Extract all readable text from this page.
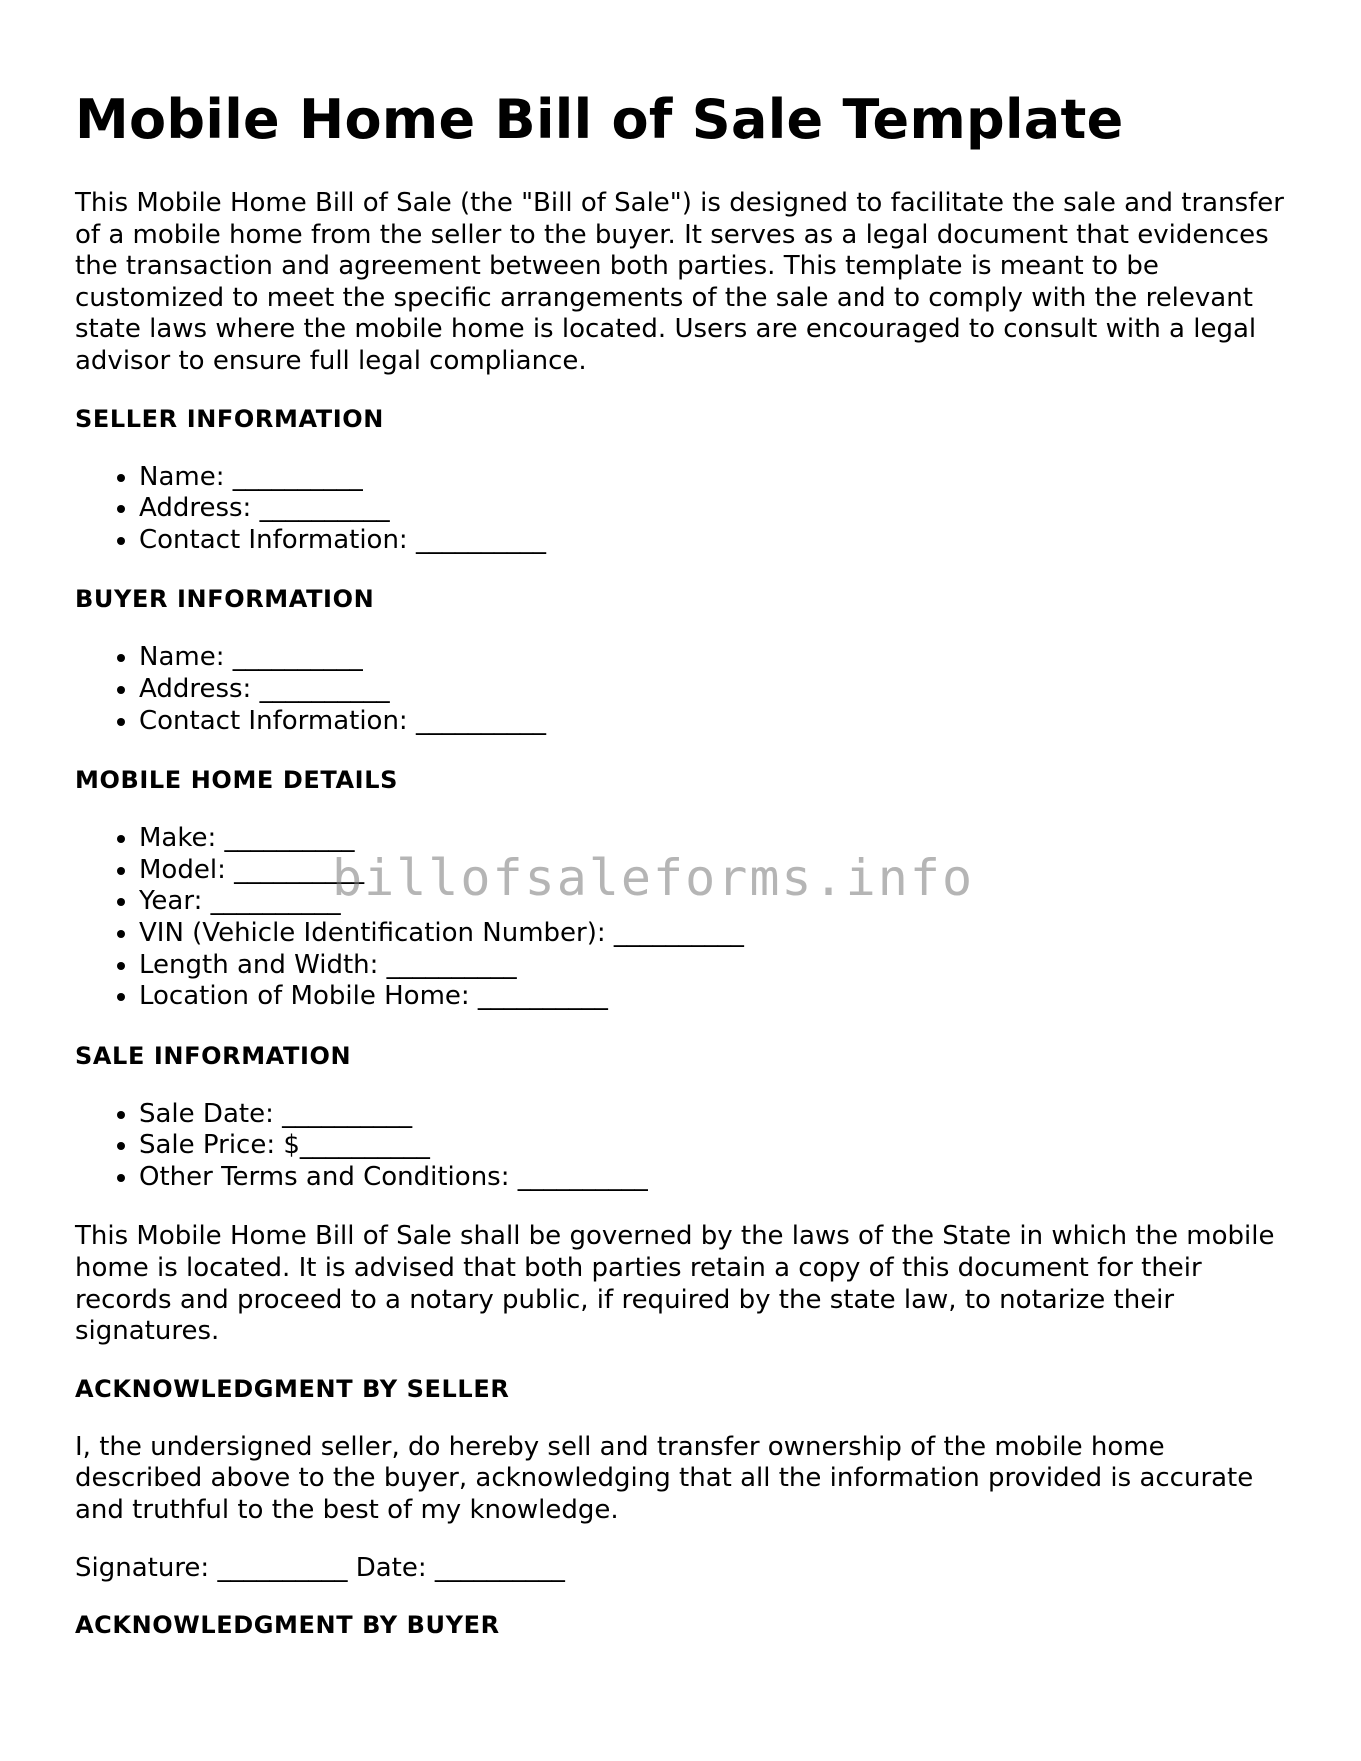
Mobile Home Bill of Sale Template

This Mobile Home Bill of Sale (the "Bill of Sale") is designed to facilitate the sale and transfer of a mobile home from the seller to the buyer. It serves as a legal document that evidences the transaction and agreement between both parties. This template is meant to be customized to meet the specific arrangements of the sale and to comply with the relevant state laws where the mobile home is located. Users are encouraged to consult with a legal advisor to ensure full legal compliance.

SELLER INFORMATION
• Name: __________
• Address: __________
• Contact Information: __________
BUYER INFORMATION
• Name: __________
• Address: __________
• Contact Information: __________
MOBILE HOME DETAILS
• Make: __________
• Model: __________
• Year: __________
• VIN (Vehicle Identification Number): __________
• Length and Width: __________
• Location of Mobile Home: __________
SALE INFORMATION
• Sale Date: __________
• Sale Price: $__________
• Other Terms and Conditions: __________

This Mobile Home Bill of Sale shall be governed by the laws of the State in which the mobile home is located. It is advised that both parties retain a copy of this document for their records and proceed to a notary public, if required by the state law, to notarize their signatures.

ACKNOWLEDGMENT BY SELLER

I, the undersigned seller, do hereby sell and transfer ownership of the mobile home described above to the buyer, acknowledging that all the information provided is accurate and truthful to the best of my knowledge.

Signature: __________ Date: __________

ACKNOWLEDGMENT BY BUYER
billofsaleforms.info
